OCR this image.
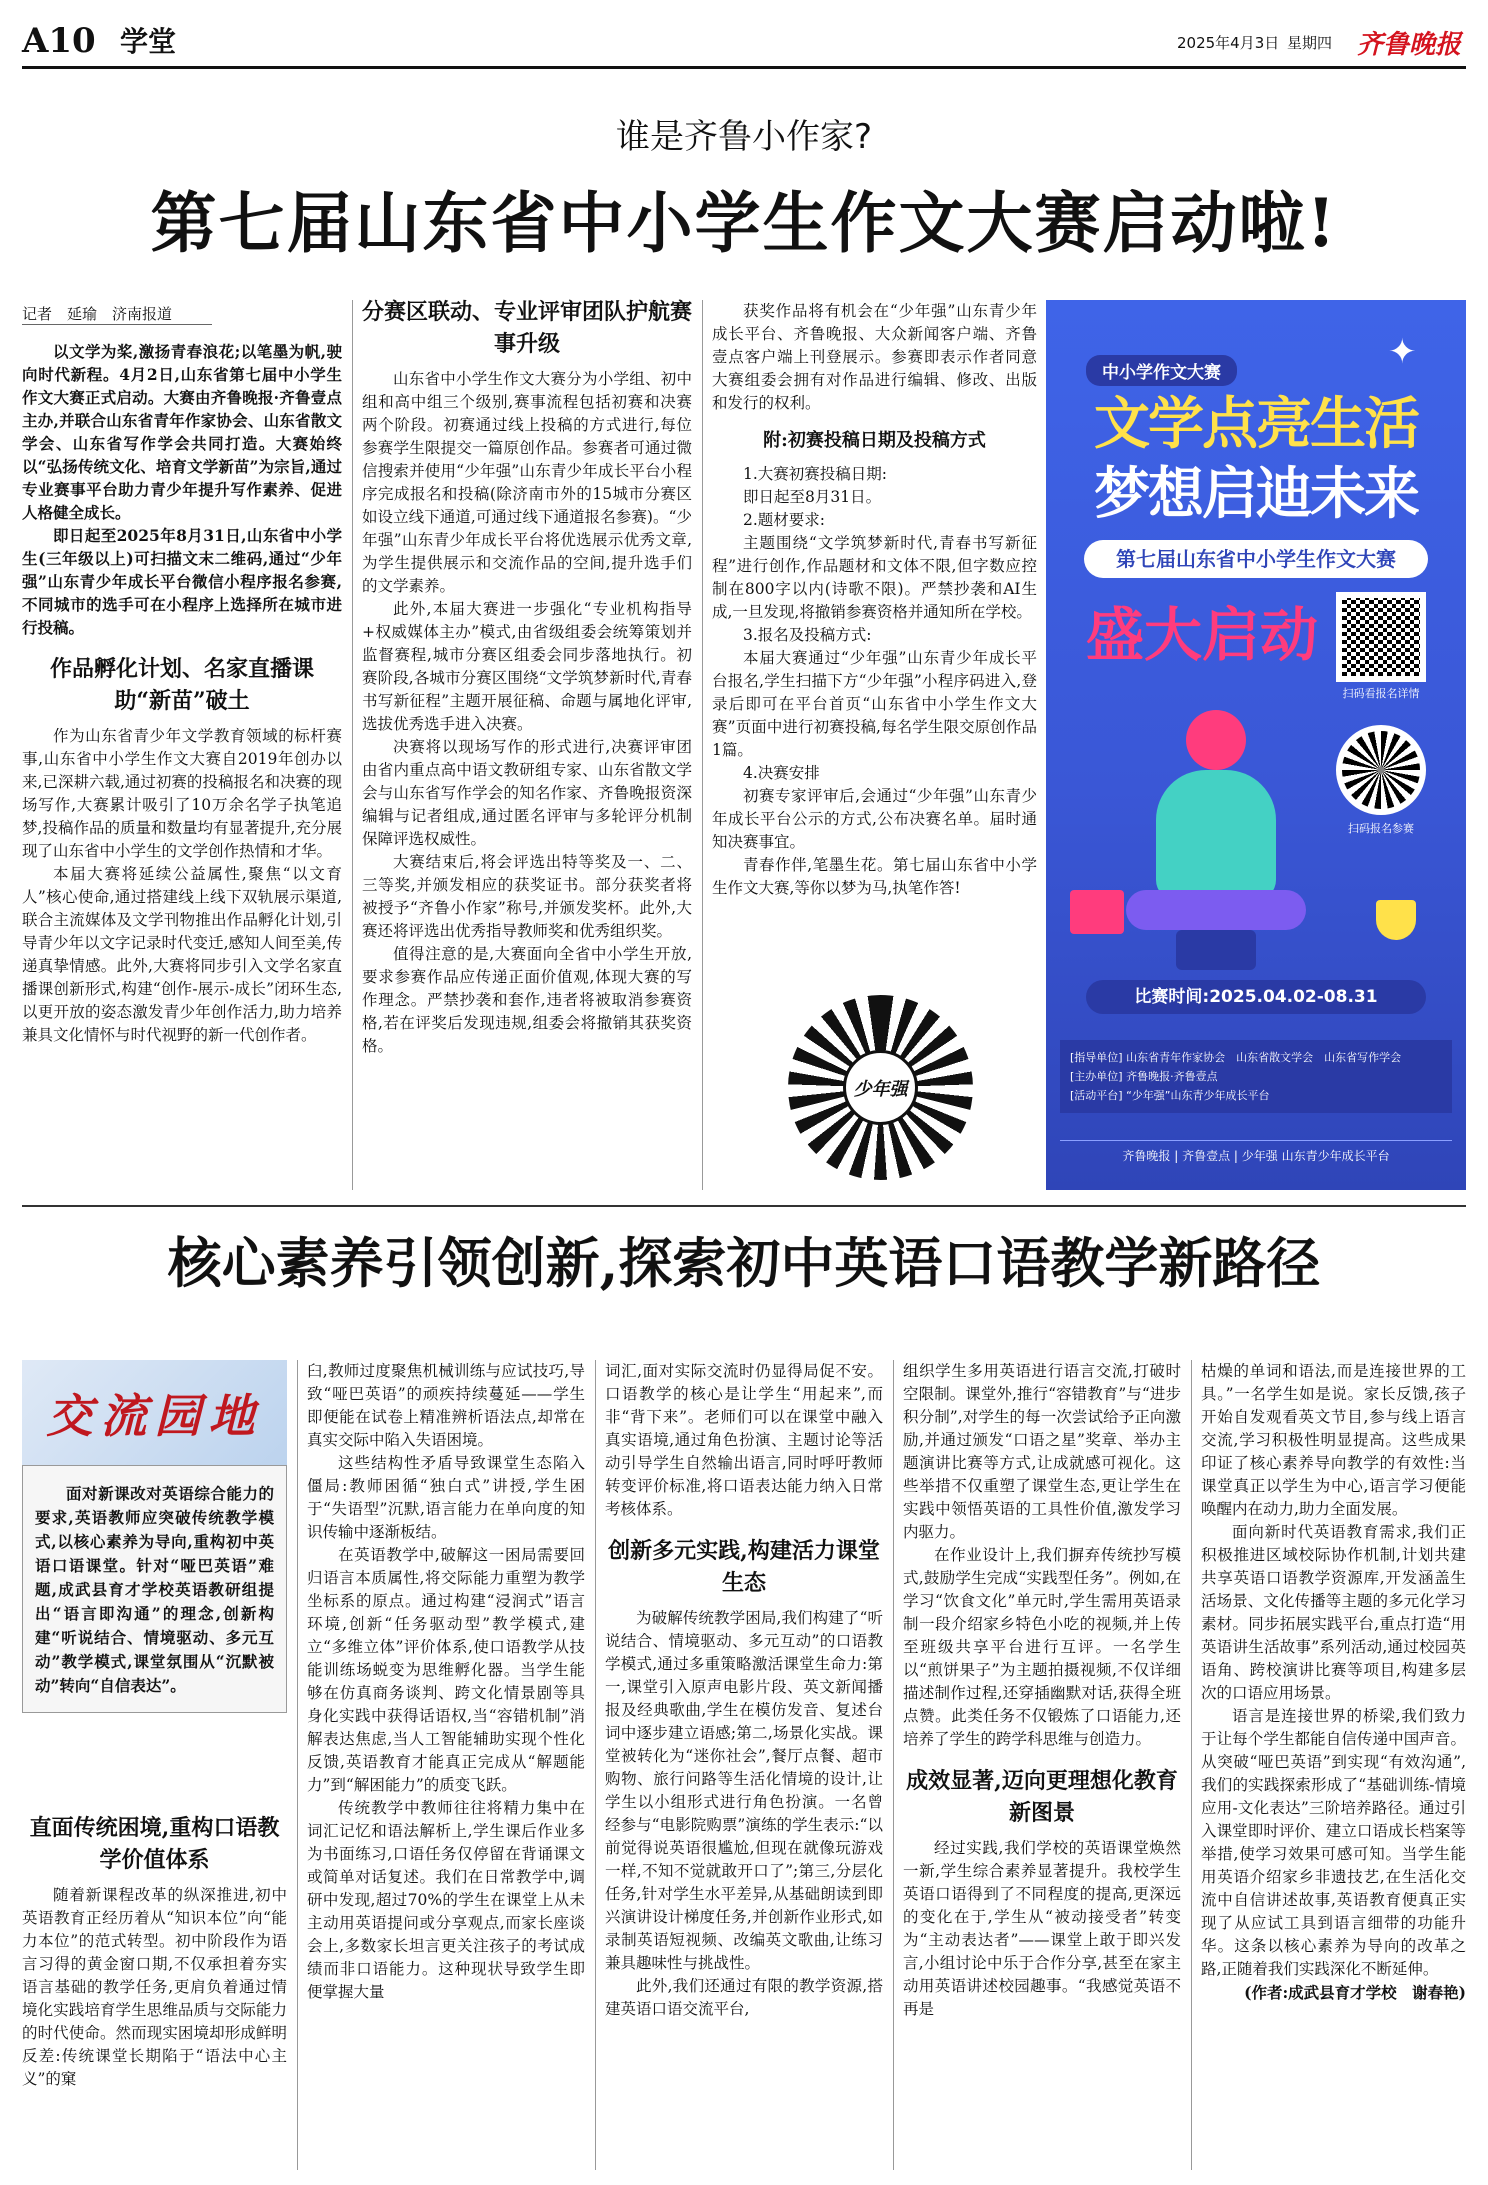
A10 学堂	2025年4月3日 星期四 齐鲁晚报
谁是齐鲁小作家?
第七届山东省中小学生作文大赛启动啦!
记者　延瑜　济南报道

以文学为桨,激扬青春浪花;以笔墨为帆,驶向时代新程。4月2日,山东省第七届中小学生作文大赛正式启动。大赛由齐鲁晚报·齐鲁壹点主办,并联合山东省青年作家协会、山东省散文学会、山东省写作学会共同打造。大赛始终以“弘扬传统文化、培育文学新苗”为宗旨,通过专业赛事平台助力青少年提升写作素养、促进人格健全成长。

即日起至2025年8月31日,山东省中小学生(三年级以上)可扫描文末二维码,通过“少年强”山东青少年成长平台微信小程序报名参赛,不同城市的选手可在小程序上选择所在城市进行投稿。

作品孵化计划、名家直播课助“新苗”破土

作为山东省青少年文学教育领域的标杆赛事,山东省中小学生作文大赛自2019年创办以来,已深耕六载,通过初赛的投稿报名和决赛的现场写作,大赛累计吸引了10万余名学子执笔追梦,投稿作品的质量和数量均有显著提升,充分展现了山东省中小学生的文学创作热情和才华。

本届大赛将延续公益属性,聚焦“以文育人”核心使命,通过搭建线上线下双轨展示渠道,联合主流媒体及文学刊物推出作品孵化计划,引导青少年以文字记录时代变迁,感知人间至美,传递真挚情感。此外,大赛将同步引入文学名家直播课创新形式,构建“创作-展示-成长”闭环生态,以更开放的姿态激发青少年创作活力,助力培养兼具文化情怀与时代视野的新一代创作者。

分赛区联动、专业评审团队护航赛事升级

山东省中小学生作文大赛分为小学组、初中组和高中组三个级别,赛事流程包括初赛和决赛两个阶段。初赛通过线上投稿的方式进行,每位参赛学生限提交一篇原创作品。参赛者可通过微信搜索并使用“少年强”山东青少年成长平台小程序完成报名和投稿(除济南市外的15城市分赛区如设立线下通道,可通过线下通道报名参赛)。“少年强”山东青少年成长平台将优选展示优秀文章,为学生提供展示和交流作品的空间,提升选手们的文学素养。

此外,本届大赛进一步强化“专业机构指导+权威媒体主办”模式,由省级组委会统筹策划并监督赛程,城市分赛区组委会同步落地执行。初赛阶段,各城市分赛区围绕“文学筑梦新时代,青春书写新征程”主题开展征稿、命题与属地化评审,选拔优秀选手进入决赛。

决赛将以现场写作的形式进行,决赛评审团由省内重点高中语文教研组专家、山东省散文学会与山东省写作学会的知名作家、齐鲁晚报资深编辑与记者组成,通过匿名评审与多轮评分机制保障评选权威性。

大赛结束后,将会评选出特等奖及一、二、三等奖,并颁发相应的获奖证书。部分获奖者将被授予“齐鲁小作家”称号,并颁发奖杯。此外,大赛还将评选出优秀指导教师奖和优秀组织奖。

值得注意的是,大赛面向全省中小学生开放,要求参赛作品应传递正面价值观,体现大赛的写作理念。严禁抄袭和套作,违者将被取消参赛资格,若在评奖后发现违规,组委会将撤销其获奖资格。

获奖作品将有机会在“少年强”山东青少年成长平台、齐鲁晚报、大众新闻客户端、齐鲁壹点客户端上刊登展示。参赛即表示作者同意大赛组委会拥有对作品进行编辑、修改、出版和发行的权利。

附:初赛投稿日期及投稿方式
1.大赛初赛投稿日期:
即日起至8月31日。
2.题材要求:
主题围绕“文学筑梦新时代,青春书写新征程”进行创作,作品题材和文体不限,但字数应控制在800字以内(诗歌不限)。严禁抄袭和AI生成,一旦发现,将撤销参赛资格并通知所在学校。
3.报名及投稿方式:
本届大赛通过“少年强”山东青少年成长平台报名,学生扫描下方“少年强”小程序码进入,登录后即可在平台首页“山东省中小学生作文大赛”页面中进行初赛投稿,每名学生限交原创作品1篇。
4.决赛安排
初赛专家评审后,会通过“少年强”山东青少年成长平台公示的方式,公布决赛名单。届时通知决赛事宜。
青春作伴,笔墨生花。第七届山东省中小学生作文大赛,等你以梦为马,执笔作答!
少年强
中小学作文大赛
✦
文学点亮生活
梦想启迪未来
第七届山东省中小学生作文大赛
盛大启动
扫码看报名详情
扫码报名参赛
比赛时间:2025.04.02-08.31
[指导单位] 山东省青年作家协会　山东省散文学会　山东省写作学会
[主办单位] 齐鲁晚报·齐鲁壹点
[活动平台] “少年强”山东青少年成长平台
齐鲁晚报 | 齐鲁壹点 | 少年强 山东青少年成长平台
核心素养引领创新,探索初中英语口语教学新路径
交流园地

面对新课改对英语综合能力的要求,英语教师应突破传统教学模式,以核心素养为导向,重构初中英语口语课堂。针对“哑巴英语”难题,成武县育才学校英语教研组提出“语言即沟通”的理念,创新构建“听说结合、情境驱动、多元互动”教学模式,课堂氛围从“沉默被动”转向“自信表达”。

直面传统困境,重构口语教学价值体系

随着新课程改革的纵深推进,初中英语教育正经历着从“知识本位”向“能力本位”的范式转型。初中阶段作为语言习得的黄金窗口期,不仅承担着夯实语言基础的教学任务,更肩负着通过情境化实践培育学生思维品质与交际能力的时代使命。然而现实困境却形成鲜明反差:传统课堂长期陷于“语法中心主义”的窠

臼,教师过度聚焦机械训练与应试技巧,导致“哑巴英语”的顽疾持续蔓延——学生即便能在试卷上精准辨析语法点,却常在真实交际中陷入失语困境。

这些结构性矛盾导致课堂生态陷入僵局:教师困循“独白式”讲授,学生困于“失语型”沉默,语言能力在单向度的知识传输中逐渐板结。

在英语教学中,破解这一困局需要回归语言本质属性,将交际能力重塑为教学坐标系的原点。通过构建“浸润式”语言环境,创新“任务驱动型”教学模式,建立“多维立体”评价体系,使口语教学从技能训练场蜕变为思维孵化器。当学生能够在仿真商务谈判、跨文化情景剧等具身化实践中获得话语权,当“容错机制”消解表达焦虑,当人工智能辅助实现个性化反馈,英语教育才能真正完成从“解题能力”到“解困能力”的质变飞跃。

传统教学中教师往往将精力集中在词汇记忆和语法解析上,学生课后作业多为书面练习,口语任务仅停留在背诵课文或简单对话复述。我们在日常教学中,调研中发现,超过70%的学生在课堂上从未主动用英语提问或分享观点,而家长座谈会上,多数家长坦言更关注孩子的考试成绩而非口语能力。这种现状导致学生即便掌握大量

词汇,面对实际交流时仍显得局促不安。口语教学的核心是让学生“用起来”,而非“背下来”。老师们可以在课堂中融入真实语境,通过角色扮演、主题讨论等活动引导学生自然输出语言,同时呼吁教师转变评价标准,将口语表达能力纳入日常考核体系。

创新多元实践,构建活力课堂生态

为破解传统教学困局,我们构建了“听说结合、情境驱动、多元互动”的口语教学模式,通过多重策略激活课堂生命力:第一,课堂引入原声电影片段、英文新闻播报及经典歌曲,学生在模仿发音、复述台词中逐步建立语感;第二,场景化实战。课堂被转化为“迷你社会”,餐厅点餐、超市购物、旅行问路等生活化情境的设计,让学生以小组形式进行角色扮演。一名曾经参与“电影院购票”演练的学生表示:“以前觉得说英语很尴尬,但现在就像玩游戏一样,不知不觉就敢开口了”;第三,分层化任务,针对学生水平差异,从基础朗读到即兴演讲设计梯度任务,并创新作业形式,如录制英语短视频、改编英文歌曲,让练习兼具趣味性与挑战性。

此外,我们还通过有限的教学资源,搭建英语口语交流平台,

组织学生多用英语进行语言交流,打破时空限制。课堂外,推行“容错教育”与“进步积分制”,对学生的每一次尝试给予正向激励,并通过颁发“口语之星”奖章、举办主题演讲比赛等方式,让成就感可视化。这些举措不仅重塑了课堂生态,更让学生在实践中领悟英语的工具性价值,激发学习内驱力。

在作业设计上,我们摒弃传统抄写模式,鼓励学生完成“实践型任务”。例如,在学习“饮食文化”单元时,学生需用英语录制一段介绍家乡特色小吃的视频,并上传至班级共享平台进行互评。一名学生以“煎饼果子”为主题拍摄视频,不仅详细描述制作过程,还穿插幽默对话,获得全班点赞。此类任务不仅锻炼了口语能力,还培养了学生的跨学科思维与创造力。

成效显著,迈向更理想化教育新图景

经过实践,我们学校的英语课堂焕然一新,学生综合素养显著提升。我校学生英语口语得到了不同程度的提高,更深远的变化在于,学生从“被动接受者”转变为“主动表达者”——课堂上敢于即兴发言,小组讨论中乐于合作分享,甚至在家主动用英语讲述校园趣事。“我感觉英语不再是

枯燥的单词和语法,而是连接世界的工具。”一名学生如是说。家长反馈,孩子开始自发观看英文节目,参与线上语言交流,学习积极性明显提高。这些成果印证了核心素养导向教学的有效性:当课堂真正以学生为中心,语言学习便能唤醒内在动力,助力全面发展。

面向新时代英语教育需求,我们正积极推进区域校际协作机制,计划共建共享英语口语教学资源库,开发涵盖生活场景、文化传播等主题的多元化学习素材。同步拓展实践平台,重点打造“用英语讲生活故事”系列活动,通过校园英语角、跨校演讲比赛等项目,构建多层次的口语应用场景。

语言是连接世界的桥梁,我们致力于让每个学生都能自信传递中国声音。从突破“哑巴英语”到实现“有效沟通”,我们的实践探索形成了“基础训练-情境应用-文化表达”三阶培养路径。通过引入课堂即时评价、建立口语成长档案等举措,使学习效果可感可知。当学生能用英语介绍家乡非遗技艺,在生活化交流中自信讲述故事,英语教育便真正实现了从应试工具到语言细带的功能升华。这条以核心素养为导向的改革之路,正随着我们实践深化不断延伸。

(作者:成武县育才学校　谢春艳)
